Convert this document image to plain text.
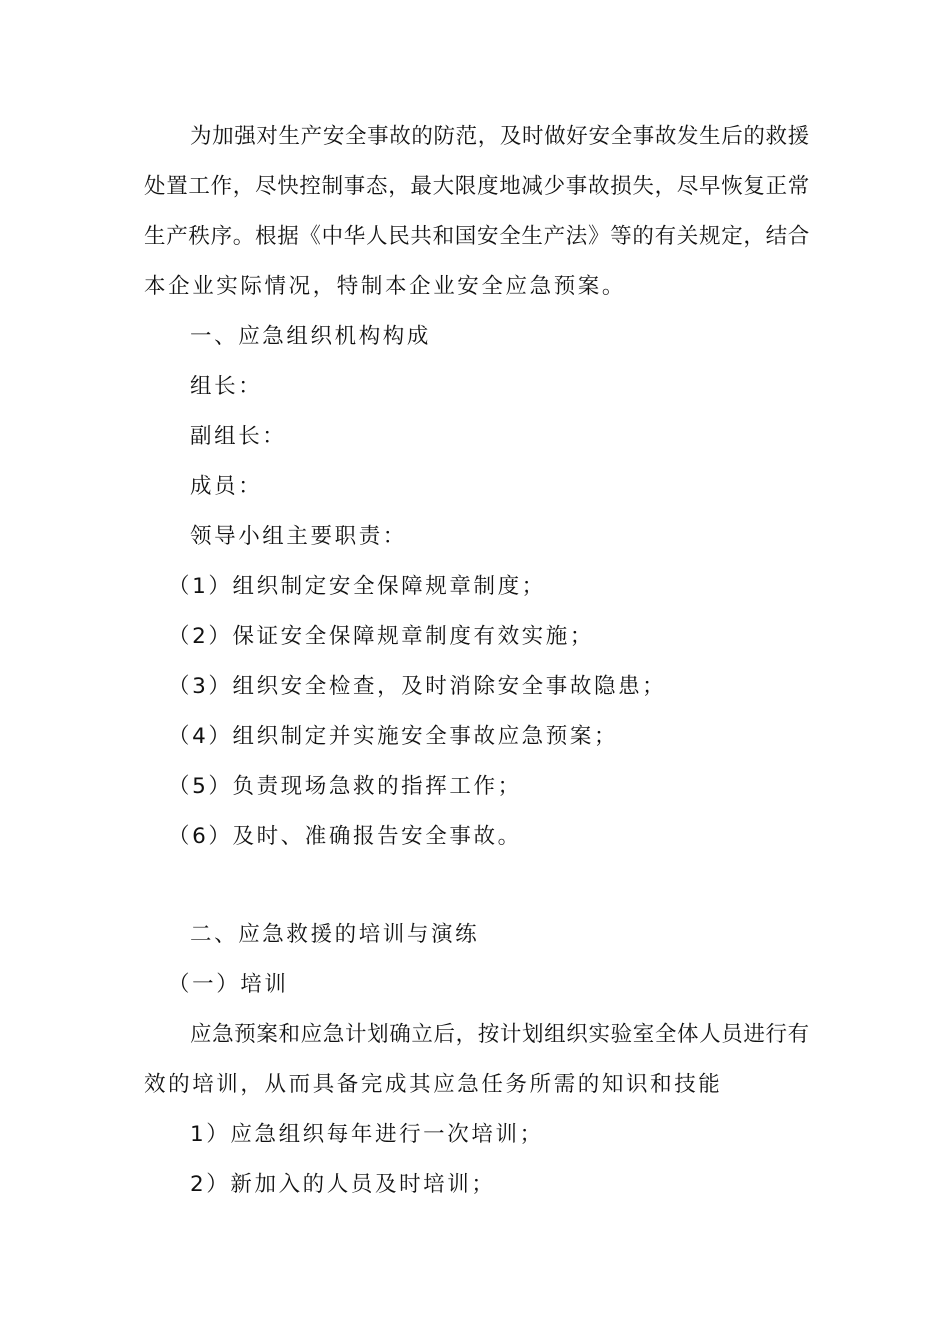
为加强对生产安全事故的防范，及时做好安全事故发生后的救援
处置工作，尽快控制事态，最大限度地减少事故损失，尽早恢复正常
生产秩序。根据《中华人民共和国安全生产法》等的有关规定，结合
本企业实际情况，特制本企业安全应急预案。
一、应急组织机构构成
组长：
副组长：
成员：
领导小组主要职责：
（1）组织制定安全保障规章制度；
（2）保证安全保障规章制度有效实施；
（3）组织安全检查，及时消除安全事故隐患；
（4）组织制定并实施安全事故应急预案；
（5）负责现场急救的指挥工作；
（6）及时、准确报告安全事故。
二、应急救援的培训与演练
（一）培训
应急预案和应急计划确立后，按计划组织实验室全体人员进行有
效的培训，从而具备完成其应急任务所需的知识和技能
1）应急组织每年进行一次培训；
2）新加入的人员及时培训；
